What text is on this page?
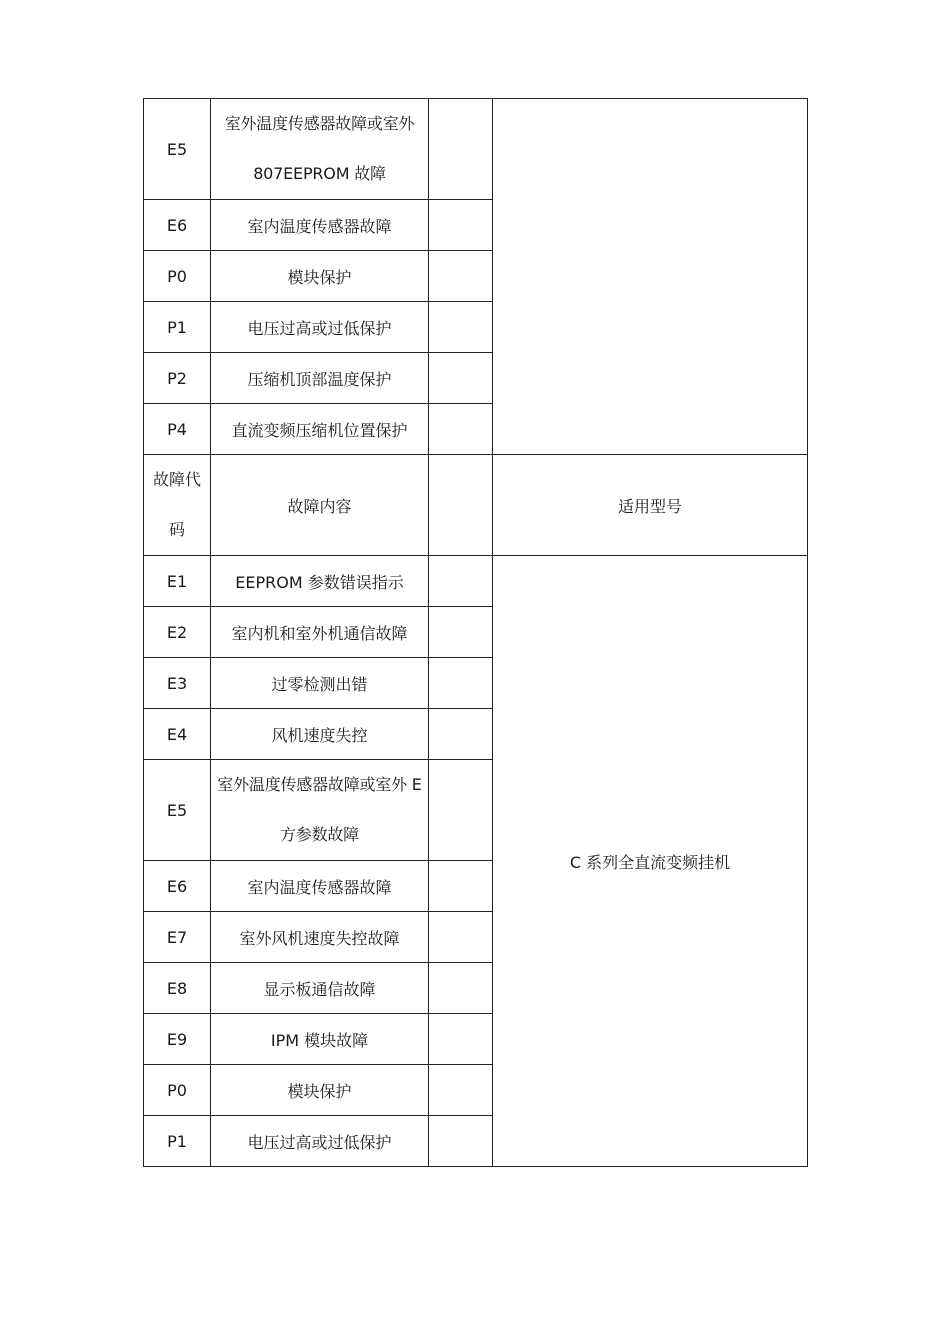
E5	室外温度传感器故障或室外
807EEPROM 故障		

E6	室内温度传感器故障		
P0	模块保护		
P1	电压过高或过低保护		
P2	压缩机顶部温度保护		
P4	直流变频压缩机位置保护		

故障代
码	故障内容		适用型号
E1	EEPROM 参数错误指示		C 系列全直流变频挂机
E2	室内机和室外机通信故障		
E3	过零检测出错		
E4	风机速度失控		
E5	室外温度传感器故障或室外 E
方参数故障		

E6	室内温度传感器故障		
E7	室外风机速度失控故障		
E8	显示板通信故障		
E9	IPM 模块故障		
P0	模块保护		
P1	电压过高或过低保护		
